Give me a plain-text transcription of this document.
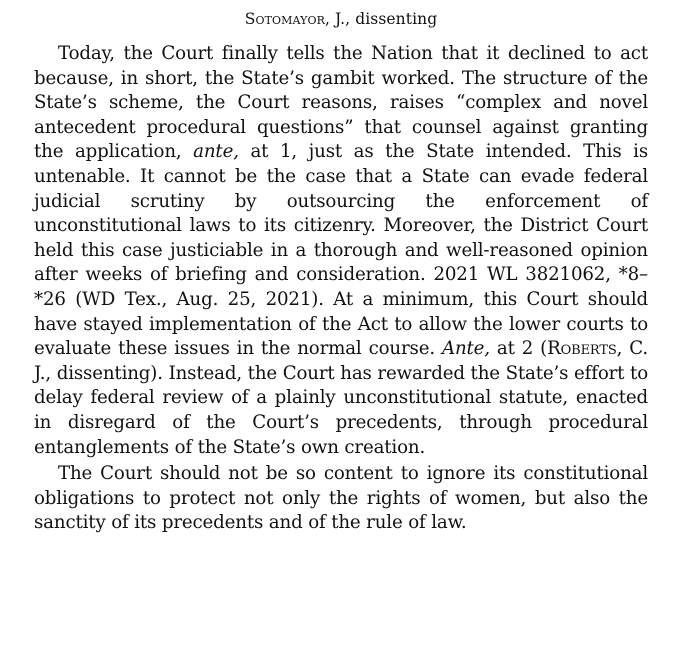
Sotomayor, J., dissenting

Today, the Court finally tells the Nation that it declined to act because, in short, the State’s gambit worked. The structure of the State’s scheme, the Court reasons, raises “complex and novel antecedent procedural questions” that counsel against granting the application, ante, at 1, just as the State intended. This is untenable. It cannot be the case that a State can evade federal judicial scrutiny by outsourcing the enforcement of unconstitutional laws to its citizenry. Moreover, the District Court held this case justiciable in a thorough and well-reasoned opinion after weeks of briefing and consideration. 2021 WL 3821062, *8–*26 (WD Tex., Aug. 25, 2021). At a minimum, this Court should have stayed implementation of the Act to allow the lower courts to evaluate these issues in the normal course. Ante, at 2 (Roberts, C. J., dissenting). Instead, the Court has rewarded the State’s effort to delay federal review of a plainly unconstitutional statute, enacted in disregard of the Court’s precedents, through procedural entanglements of the State’s own creation.

The Court should not be so content to ignore its constitutional obligations to protect not only the rights of women, but also the sanctity of its precedents and of the rule of law.
